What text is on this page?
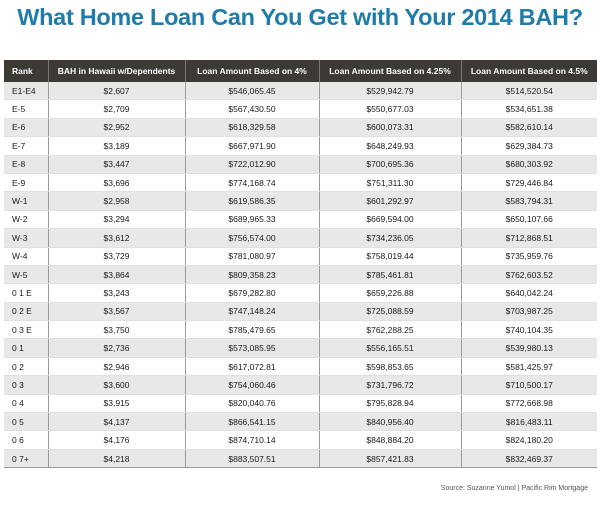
What Home Loan Can You Get with Your 2014 BAH?
Rank	BAH in Hawaii w/Dependents	Loan Amount Based on 4%	Loan Amount Based on 4.25%	Loan Amount Based on 4.5%
E1-E4	$2,607	$546,065.45	$529,942.79	$514,520.54
E-5	$2,709	$567,430.50	$550,677.03	$534,651.38
E-6	$2,952	$618,329.58	$600,073.31	$582,610.14
E-7	$3,189	$667,971.90	$648,249.93	$629,384.73
E-8	$3,447	$722,012.90	$700,695.36	$680,303.92
E-9	$3,696	$774,168.74	$751,311.30	$729,446.84
W-1	$2,958	$619,586.35	$601,292.97	$583,794.31
W-2	$3,294	$689,965.33	$669,594.00	$650,107.66
W-3	$3,612	$756,574.00	$734,236.05	$712,868.51
W-4	$3,729	$781,080.97	$758,019.44	$735,959.76
W-5	$3,864	$809,358.23	$785,461.81	$762,603.52
0 1 E	$3,243	$679,282.80	$659,226.88	$640,042.24
0 2 E	$3,567	$747,148.24	$725,088.59	$703,987.25
0 3 E	$3,750	$785,479.65	$762,288.25	$740,104.35
0 1	$2,736	$573,085.95	$556,165.51	$539,980.13
0 2	$2,946	$617,072.81	$598,853.65	$581,425.97
0 3	$3,600	$754,060.46	$731,796.72	$710,500.17
0 4	$3,915	$820,040.76	$795,828.94	$772,668.98
0 5	$4,137	$866,541.15	$840,956.40	$816,483.11
0 6	$4,176	$874,710.14	$848,884.20	$824,180.20
0 7+	$4,218	$883,507.51	$857,421.83	$832,469.37
Source: Suzanne Yumol | Pacific Rim Mortgage
